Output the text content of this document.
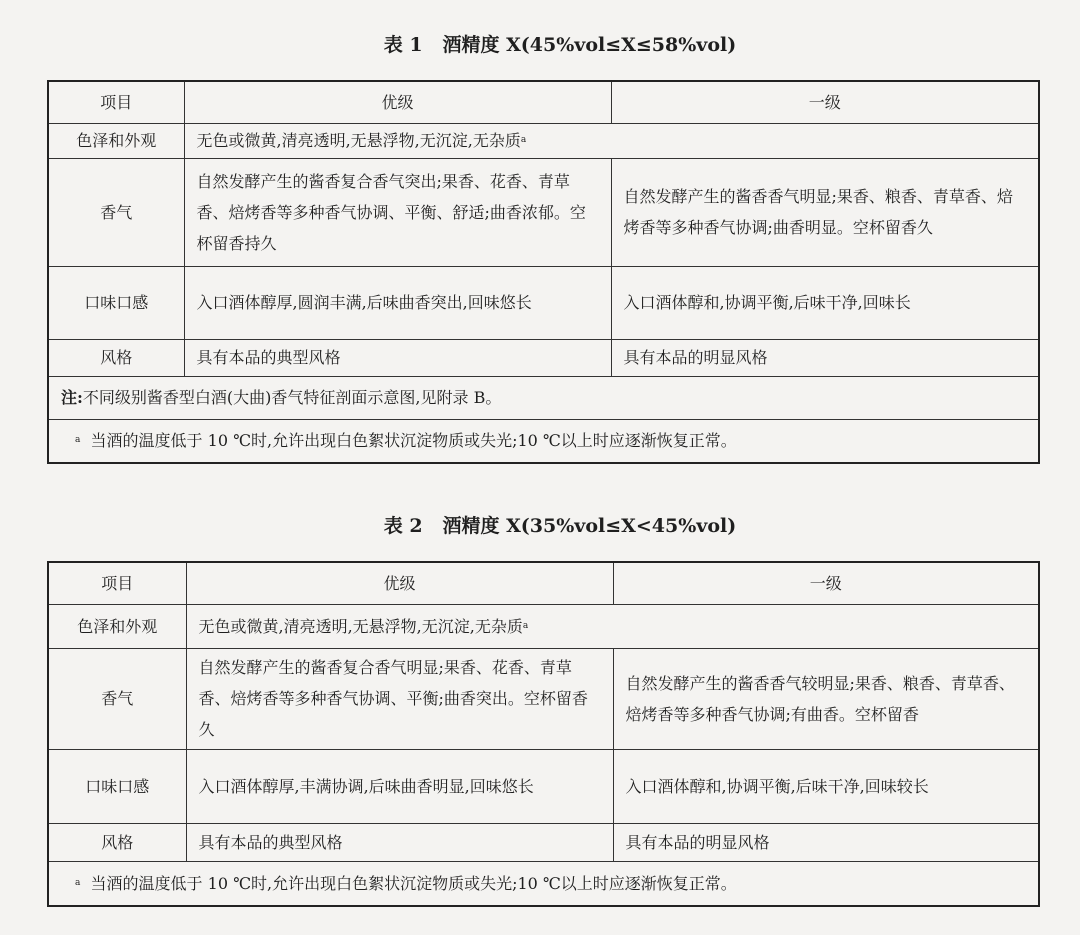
表 1 酒精度 X(45%vol≤X≤58%vol)
项目	优级	一级
色泽和外观	无色或微黄,清亮透明,无悬浮物,无沉淀,无杂质$^a$
香气	自然发酵产生的酱香复合香气突出;果香、花香、青草香、焙烤香等多种香气协调、平衡、舒适;曲香浓郁。空杯留香持久	自然发酵产生的酱香香气明显;果香、粮香、青草香、焙烤香等多种香气协调;曲香明显。空杯留香久
口味口感	入口酒体醇厚,圆润丰满,后味曲香突出,回味悠长	入口酒体醇和,协调平衡,后味干净,回味长
风格	具有本品的典型风格	具有本品的明显风格
注:不同级别酱香型白酒(大曲)香气特征剖面示意图,见附录 B。		
$^a$ 当酒的温度低于 10 ℃时,允许出现白色絮状沉淀物质或失光;10 ℃以上时应逐渐恢复正常。		
表 2 酒精度 X(35%vol≤X<45%vol)
项目	优级	一级
色泽和外观	无色或微黄,清亮透明,无悬浮物,无沉淀,无杂质$^a$
香气	自然发酵产生的酱香复合香气明显;果香、花香、青草香、焙烤香等多种香气协调、平衡;曲香突出。空杯留香久	自然发酵产生的酱香香气较明显;果香、粮香、青草香、焙烤香等多种香气协调;有曲香。空杯留香
口味口感	入口酒体醇厚,丰满协调,后味曲香明显,回味悠长	入口酒体醇和,协调平衡,后味干净,回味较长
风格	具有本品的典型风格	具有本品的明显风格
$^a$ 当酒的温度低于 10 ℃时,允许出现白色絮状沉淀物质或失光;10 ℃以上时应逐渐恢复正常。		
